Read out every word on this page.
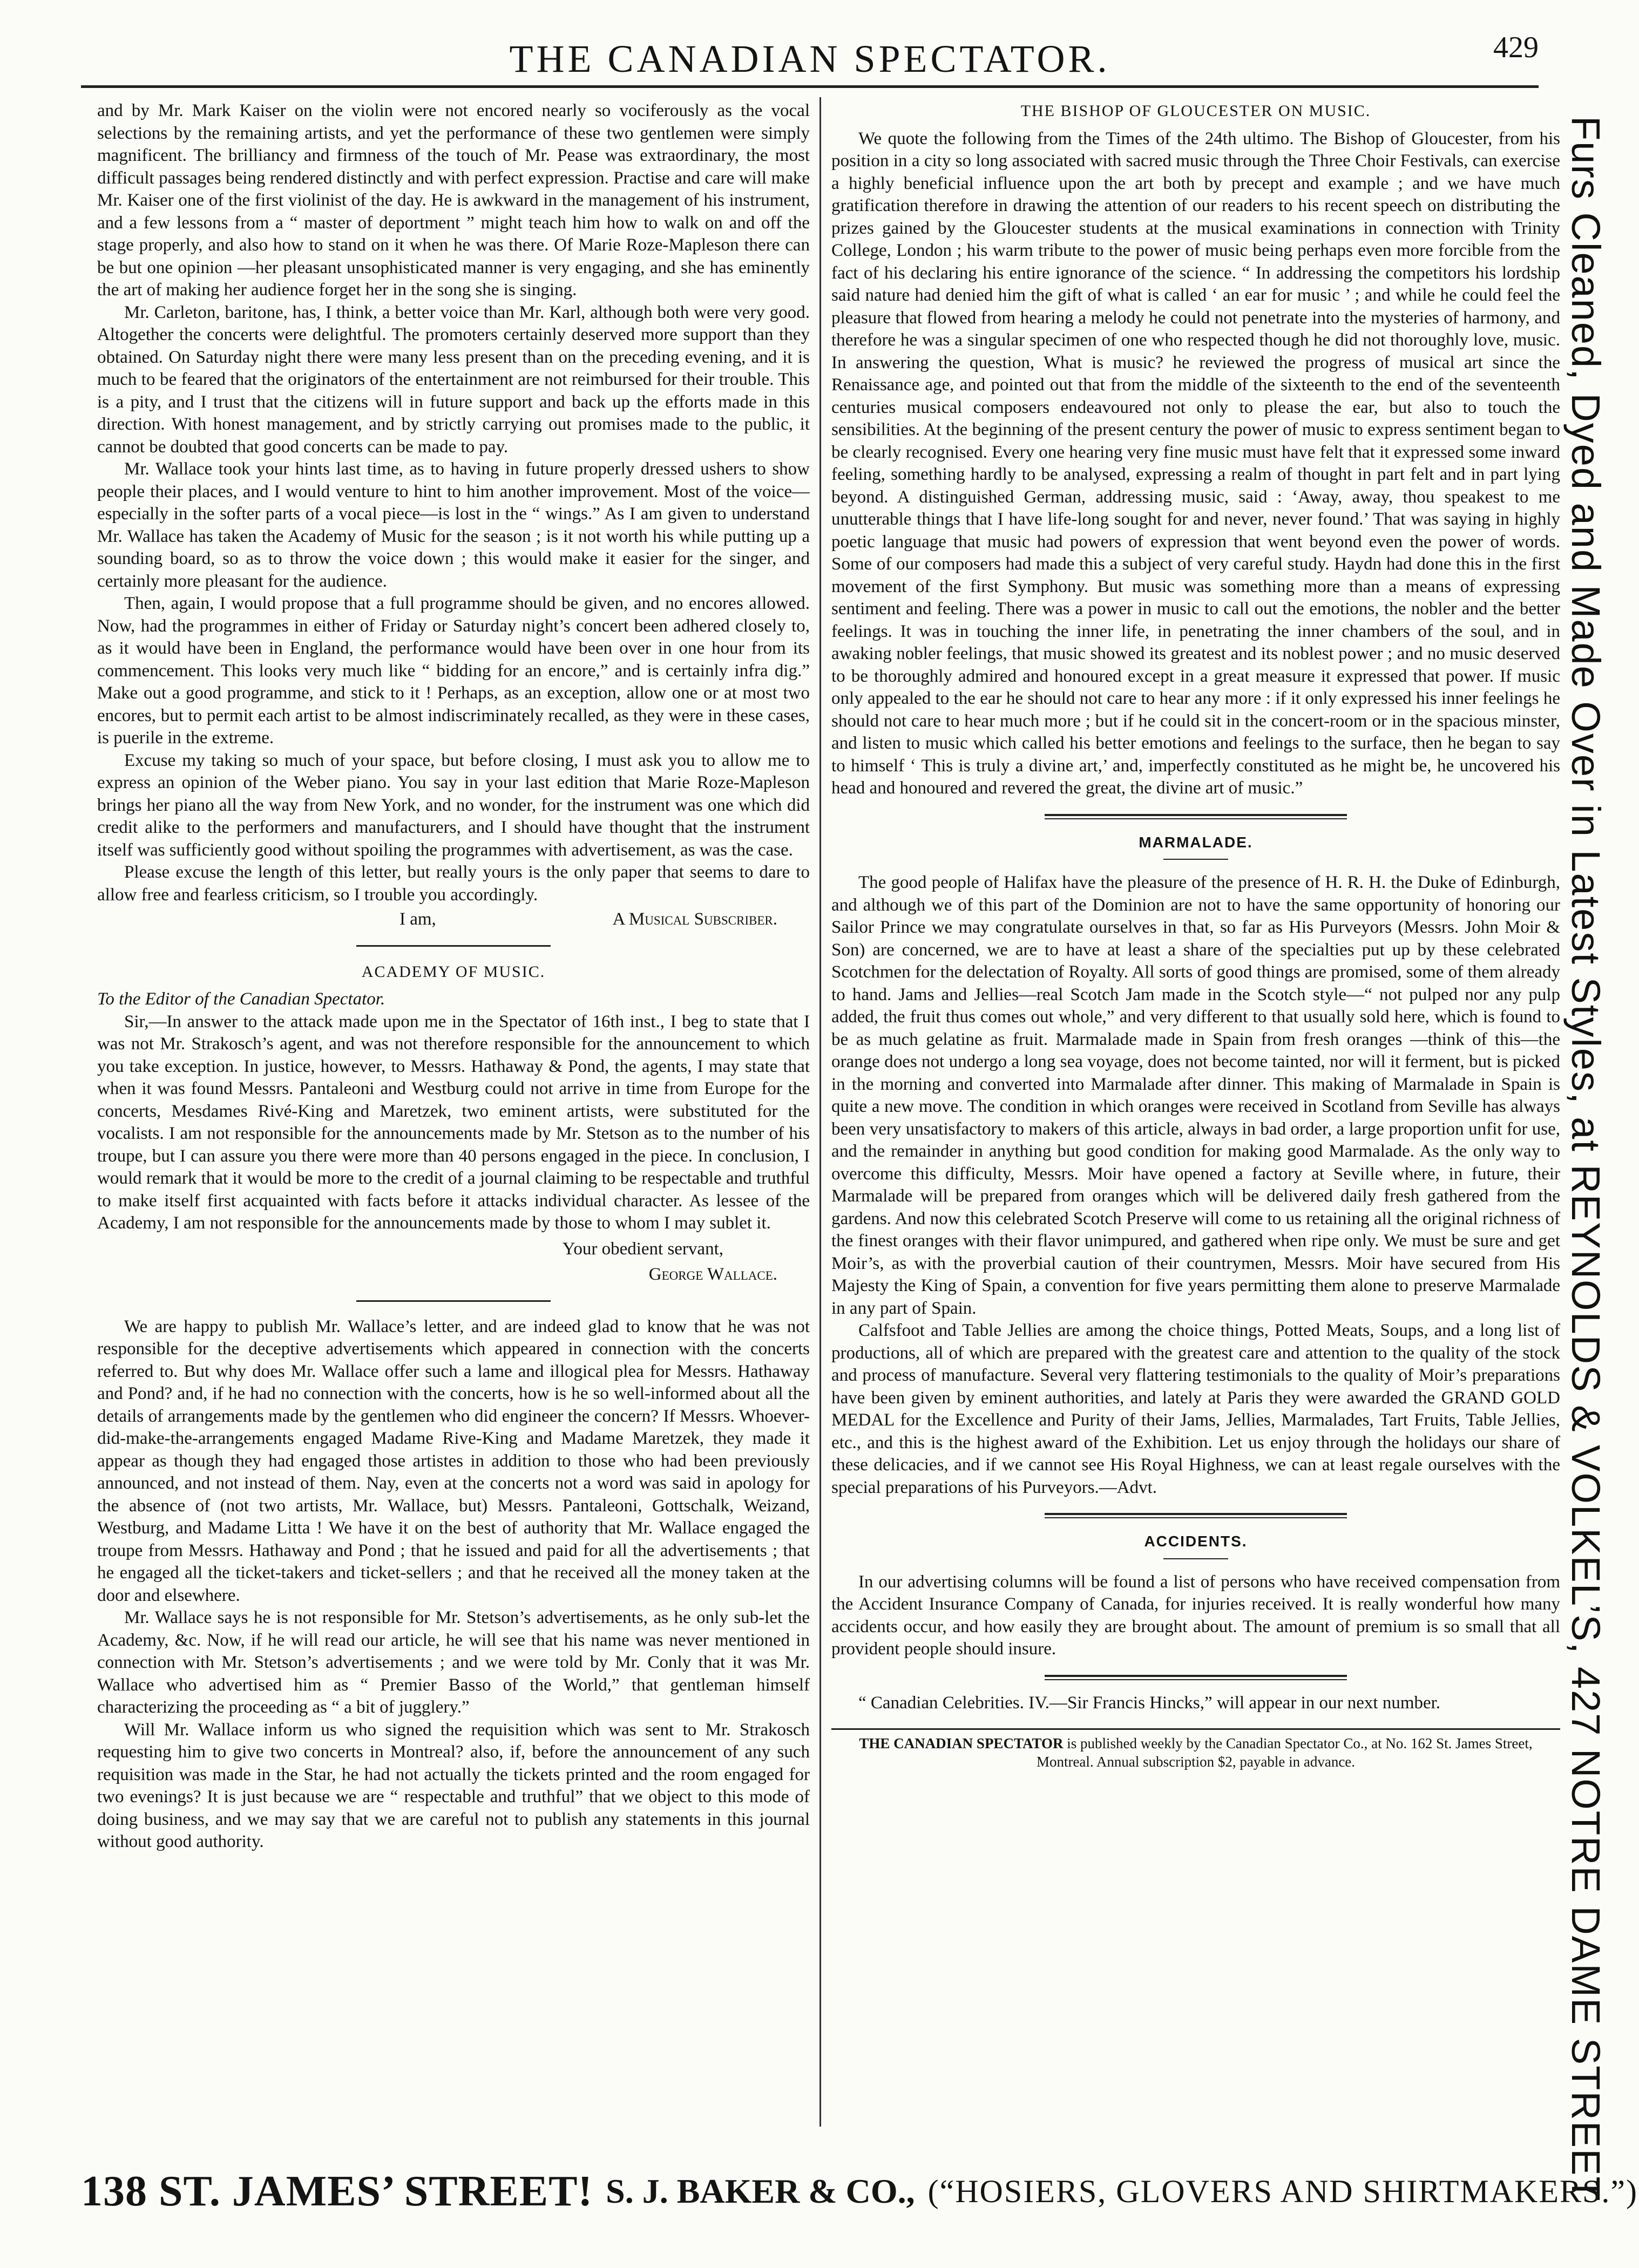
THE CANADIAN SPECTATOR.	429

and by Mr. Mark Kaiser on the violin were not encored nearly so vociferously as the vocal selections by the remaining artists, and yet the performance of these two gentlemen were simply magnificent. The brilliancy and firmness of the touch of Mr. Pease was extraordinary, the most difficult passages being rendered distinctly and with perfect expression. Practise and care will make Mr. Kaiser one of the first violinist of the day. He is awkward in the management of his instrument, and a few lessons from a “ master of deportment ” might teach him how to walk on and off the stage properly, and also how to stand on it when he was there. Of Marie Roze-Mapleson there can be but one opinion —her pleasant unsophisticated manner is very engaging, and she has eminently the art of making her audience forget her in the song she is singing.

Mr. Carleton, baritone, has, I think, a better voice than Mr. Karl, although both were very good. Altogether the concerts were delightful. The promoters certainly deserved more support than they obtained. On Saturday night there were many less present than on the preceding evening, and it is much to be feared that the originators of the entertainment are not reimbursed for their trouble. This is a pity, and I trust that the citizens will in future support and back up the efforts made in this direction. With honest management, and by strictly carrying out promises made to the public, it cannot be doubted that good concerts can be made to pay.

Mr. Wallace took your hints last time, as to having in future properly dressed ushers to show people their places, and I would venture to hint to him another improvement. Most of the voice—especially in the softer parts of a vocal piece—is lost in the “ wings.” As I am given to understand Mr. Wallace has taken the Academy of Music for the season ; is it not worth his while putting up a sounding board, so as to throw the voice down ; this would make it easier for the singer, and certainly more pleasant for the audience.

Then, again, I would propose that a full programme should be given, and no encores allowed. Now, had the programmes in either of Friday or Saturday night’s concert been adhered closely to, as it would have been in England, the performance would have been over in one hour from its commencement. This looks very much like “ bidding for an encore,” and is certainly infra dig.” Make out a good programme, and stick to it ! Perhaps, as an exception, allow one or at most two encores, but to permit each artist to be almost indiscriminately recalled, as they were in these cases, is puerile in the extreme.

Excuse my taking so much of your space, but before closing, I must ask you to allow me to express an opinion of the Weber piano. You say in your last edition that Marie Roze-Mapleson brings her piano all the way from New York, and no wonder, for the instrument was one which did credit alike to the performers and manufacturers, and I should have thought that the instrument itself was sufficiently good without spoiling the programmes with advertisement, as was the case.

Please excuse the length of this letter, but really yours is the only paper that seems to dare to allow free and fearless criticism, so I trouble you accordingly.

I am,	A Musical Subscriber.
ACADEMY OF MUSIC.

To the Editor of the Canadian Spectator.

Sir,—In answer to the attack made upon me in the Spectator of 16th inst., I beg to state that I was not Mr. Strakosch’s agent, and was not therefore responsible for the announcement to which you take exception. In justice, however, to Messrs. Hathaway & Pond, the agents, I may state that when it was found Messrs. Pantaleoni and Westburg could not arrive in time from Europe for the concerts, Mesdames Rivé-King and Maretzek, two eminent artists, were substituted for the vocalists. I am not responsible for the announcements made by Mr. Stetson as to the number of his troupe, but I can assure you there were more than 40 persons engaged in the piece. In conclusion, I would remark that it would be more to the credit of a journal claiming to be respectable and truthful to make itself first acquainted with facts before it attacks individual character. As lessee of the Academy, I am not responsible for the announcements made by those to whom I may sublet it.

Your obedient servant,
George Wallace.

We are happy to publish Mr. Wallace’s letter, and are indeed glad to know that he was not responsible for the deceptive advertisements which appeared in connection with the concerts referred to. But why does Mr. Wallace offer such a lame and illogical plea for Messrs. Hathaway and Pond? and, if he had no connection with the concerts, how is he so well-informed about all the details of arrangements made by the gentlemen who did engineer the concern? If Messrs. Whoever-did-make-the-arrangements engaged Madame Rive-King and Madame Maretzek, they made it appear as though they had engaged those artistes in addition to those who had been previously announced, and not instead of them. Nay, even at the concerts not a word was said in apology for the absence of (not two artists, Mr. Wallace, but) Messrs. Pantaleoni, Gottschalk, Weizand, Westburg, and Madame Litta ! We have it on the best of authority that Mr. Wallace engaged the troupe from Messrs. Hathaway and Pond ; that he issued and paid for all the advertisements ; that he engaged all the ticket-takers and ticket-sellers ; and that he received all the money taken at the door and elsewhere.

Mr. Wallace says he is not responsible for Mr. Stetson’s advertisements, as he only sub-let the Academy, &c. Now, if he will read our article, he will see that his name was never mentioned in connection with Mr. Stetson’s advertisements ; and we were told by Mr. Conly that it was Mr. Wallace who advertised him as “ Premier Basso of the World,” that gentleman himself characterizing the proceeding as “ a bit of jugglery.”

Will Mr. Wallace inform us who signed the requisition which was sent to Mr. Strakosch requesting him to give two concerts in Montreal? also, if, before the announcement of any such requisition was made in the Star, he had not actually the tickets printed and the room engaged for two evenings? It is just because we are “ respectable and truthful” that we object to this mode of doing business, and we may say that we are careful not to publish any statements in this journal without good authority.

THE BISHOP OF GLOUCESTER ON MUSIC.

We quote the following from the Times of the 24th ultimo. The Bishop of Gloucester, from his position in a city so long associated with sacred music through the Three Choir Festivals, can exercise a highly beneficial influence upon the art both by precept and example ; and we have much gratification therefore in drawing the attention of our readers to his recent speech on distributing the prizes gained by the Gloucester students at the musical examinations in connection with Trinity College, London ; his warm tribute to the power of music being perhaps even more forcible from the fact of his declaring his entire ignorance of the science. “ In addressing the competitors his lordship said nature had denied him the gift of what is called ‘ an ear for music ’ ; and while he could feel the pleasure that flowed from hearing a melody he could not penetrate into the mysteries of harmony, and therefore he was a singular specimen of one who respected though he did not thoroughly love, music. In answering the question, What is music? he reviewed the progress of musical art since the Renaissance age, and pointed out that from the middle of the sixteenth to the end of the seventeenth centuries musical composers endeavoured not only to please the ear, but also to touch the sensibilities. At the beginning of the present century the power of music to express sentiment began to be clearly recognised. Every one hearing very fine music must have felt that it expressed some inward feeling, something hardly to be analysed, expressing a realm of thought in part felt and in part lying beyond. A distinguished German, addressing music, said : ‘Away, away, thou speakest to me unutterable things that I have life-long sought for and never, never found.’ That was saying in highly poetic language that music had powers of expression that went beyond even the power of words. Some of our composers had made this a subject of very careful study. Haydn had done this in the first movement of the first Symphony. But music was something more than a means of expressing sentiment and feeling. There was a power in music to call out the emotions, the nobler and the better feelings. It was in touching the inner life, in penetrating the inner chambers of the soul, and in awaking nobler feelings, that music showed its greatest and its noblest power ; and no music deserved to be thoroughly admired and honoured except in a great measure it expressed that power. If music only appealed to the ear he should not care to hear any more : if it only expressed his inner feelings he should not care to hear much more ; but if he could sit in the concert-room or in the spacious minster, and listen to music which called his better emotions and feelings to the surface, then he began to say to himself ‘ This is truly a divine art,’ and, imperfectly constituted as he might be, he uncovered his head and honoured and revered the great, the divine art of music.”

MARMALADE.

The good people of Halifax have the pleasure of the presence of H. R. H. the Duke of Edinburgh, and although we of this part of the Dominion are not to have the same opportunity of honoring our Sailor Prince we may congratulate ourselves in that, so far as His Purveyors (Messrs. John Moir & Son) are concerned, we are to have at least a share of the specialties put up by these celebrated Scotchmen for the delectation of Royalty. All sorts of good things are promised, some of them already to hand. Jams and Jellies—real Scotch Jam made in the Scotch style—“ not pulped nor any pulp added, the fruit thus comes out whole,” and very different to that usually sold here, which is found to be as much gelatine as fruit. Marmalade made in Spain from fresh oranges —think of this—the orange does not undergo a long sea voyage, does not become tainted, nor will it ferment, but is picked in the morning and converted into Marmalade after dinner. This making of Marmalade in Spain is quite a new move. The condition in which oranges were received in Scotland from Seville has always been very unsatisfactory to makers of this article, always in bad order, a large proportion unfit for use, and the remainder in anything but good condition for making good Marmalade. As the only way to overcome this difficulty, Messrs. Moir have opened a factory at Seville where, in future, their Marmalade will be prepared from oranges which will be delivered daily fresh gathered from the gardens. And now this celebrated Scotch Preserve will come to us retaining all the original richness of the finest oranges with their flavor unimpured, and gathered when ripe only. We must be sure and get Moir’s, as with the proverbial caution of their countrymen, Messrs. Moir have secured from His Majesty the King of Spain, a convention for five years permitting them alone to preserve Marmalade in any part of Spain.

Calfsfoot and Table Jellies are among the choice things, Potted Meats, Soups, and a long list of productions, all of which are prepared with the greatest care and attention to the quality of the stock and process of manufacture. Several very flattering testimonials to the quality of Moir’s preparations have been given by eminent authorities, and lately at Paris they were awarded the GRAND GOLD MEDAL for the Excellence and Purity of their Jams, Jellies, Marmalades, Tart Fruits, Table Jellies, etc., and this is the highest award of the Exhibition. Let us enjoy through the holidays our share of these delicacies, and if we cannot see His Royal Highness, we can at least regale ourselves with the special preparations of his Purveyors.—Advt.

ACCIDENTS.

In our advertising columns will be found a list of persons who have received compensation from the Accident Insurance Company of Canada, for injuries received. It is really wonderful how many accidents occur, and how easily they are brought about. The amount of premium is so small that all provident people should insure.

“ Canadian Celebrities. IV.—Sir Francis Hincks,” will appear in our next number.

THE CANADIAN SPECTATOR is published weekly by the Canadian Spectator Co., at No. 162 St. James Street, Montreal. Annual subscription $2, payable in advance.	Furs Cleaned, Dyed and Made Over in Latest Styles, at REYNOLDS & VOLKEL’S, 427 NOTRE DAME STREET
138 ST. JAMES’ STREET! S. J. BAKER & CO., (“HOSIERS, GLOVERS AND SHIRTMAKERS.”)
